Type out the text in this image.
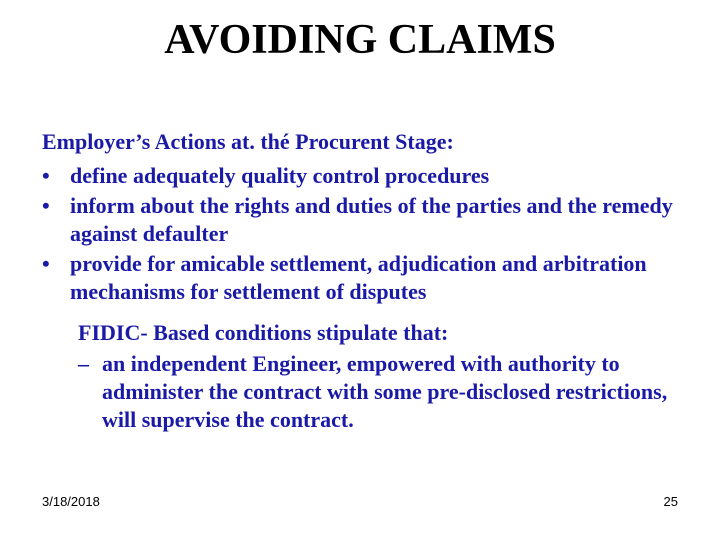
AVOIDING CLAIMS

Employer’s Actions at. thé Procurent Stage:

• define adequately quality control procedures
• inform about the rights and duties of the parties and the remedy against defaulter
• provide for amicable settlement, adjudication and arbitration mechanisms for settlement of disputes

FIDIC- Based conditions stipulate that:

– an independent Engineer, empowered with authority to administer the contract with some pre-disclosed restrictions, will supervise the contract.

3/18/2018	25
